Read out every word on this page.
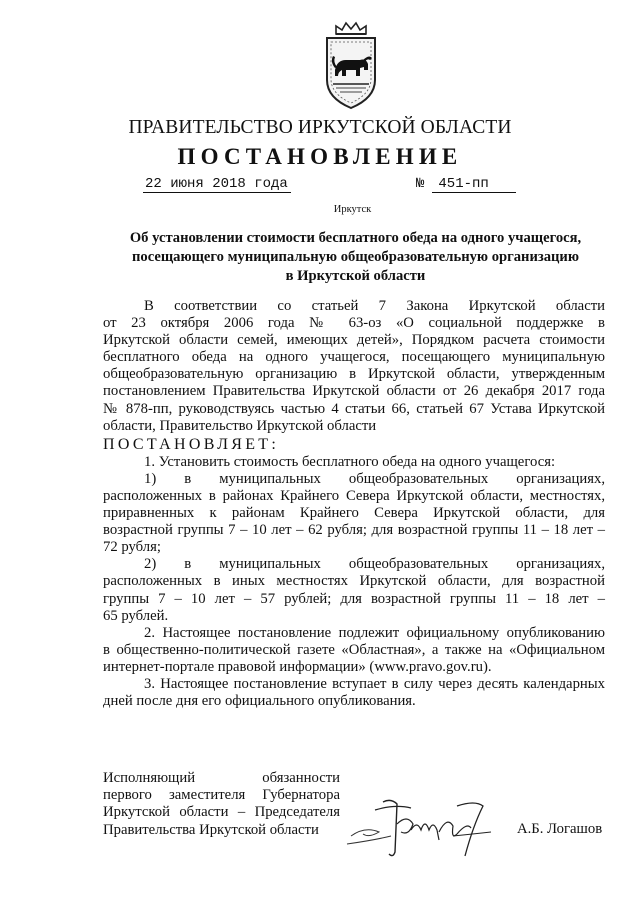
ПРАВИТЕЛЬСТВО ИРКУТСКОЙ ОБЛАСТИ
ПОСТАНОВЛЕНИЕ
22 июня 2018 года	№ 451-пп
Иркутск
Об установлении стоимости бесплатного обеда на одного учащегося,
посещающего муниципальную общеобразовательную организацию
в Иркутской области

В соответствии со статьей 7 Закона Иркутской области

от 23 октября 2006 года № 63-оз «О социальной поддержке в

Иркутской области семей, имеющих детей», Порядком расчета стоимости

бесплатного обеда на одного учащегося, посещающего муниципальную

общеобразовательную организацию в Иркутской области, утвержденным

постановлением Правительства Иркутской области от 26 декабря 2017 года

№ 878-пп, руководствуясь частью 4 статьи 66, статьей 67 Устава Иркутской

области, Правительство Иркутской области

ПОСТАНОВЛЯЕТ:

1. Установить стоимость бесплатного обеда на одного учащегося:

1) в муниципальных общеобразовательных организациях,

расположенных в районах Крайнего Севера Иркутской области, местностях,

приравненных к районам Крайнего Севера Иркутской области, для

возрастной группы 7 – 10 лет – 62 рубля; для возрастной группы 11 – 18 лет –

72 рубля;

2) в муниципальных общеобразовательных организациях,

расположенных в иных местностях Иркутской области, для возрастной

группы 7 – 10 лет – 57 рублей; для возрастной группы 11 – 18 лет –

65 рублей.

2. Настоящее постановление подлежит официальному опубликованию

в общественно-политической газете «Областная», а также на «Официальном

интернет-портале правовой информации» (www.pravo.gov.ru).

3. Настоящее постановление вступает в силу через десять календарных

дней после дня его официального опубликования.

Исполняющий обязанности

первого заместителя Губернатора

Иркутской области – Председателя

Правительства Иркутской области	А.Б. Логашов
